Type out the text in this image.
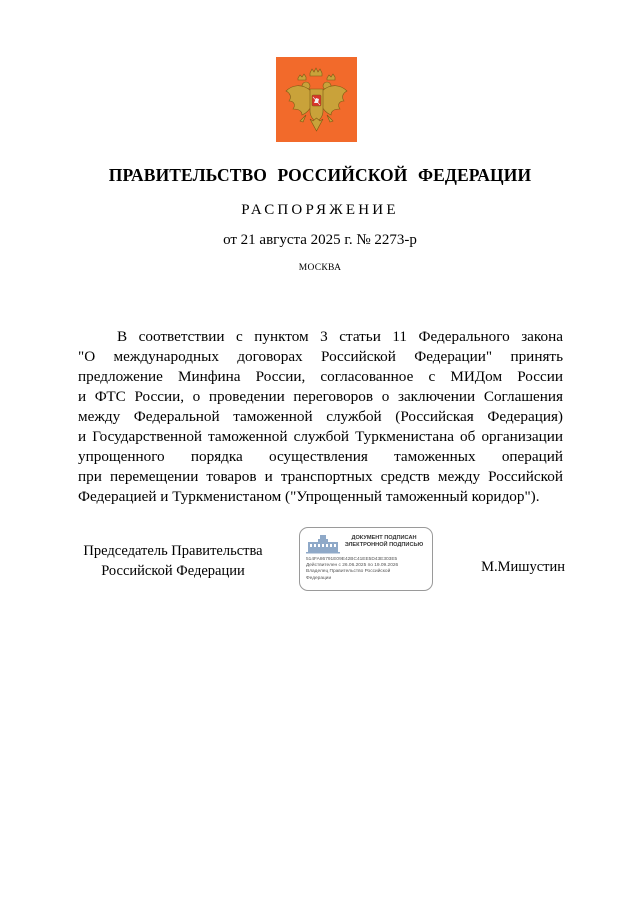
ПРАВИТЕЛЬСТВО РОССИЙСКОЙ ФЕДЕРАЦИИ
РАСПОРЯЖЕНИЕ
от 21 августа 2025 г. № 2273-р
МОСКВА
В соответствии с пунктом 3 статьи 11 Федерального закона
"О международных договорах Российской Федерации" принять
предложение Минфина России, согласованное с МИДом России
и ФТС России, о проведении переговоров о заключении Соглашения
между Федеральной таможенной службой (Российская Федерация)
и Государственной таможенной службой Туркменистана об организации
упрощенного порядка осуществления таможенных операций
при перемещении товаров и транспортных средств между Российской
Федерацией и Туркменистаном ("Упрощенный таможенный коридор").
Председатель Правительства
Российской Федерации
ДОКУМЕНТ ПОДПИСАН
ЭЛЕКТРОННОЙ ПОДПИСЬЮ
514FA86791E09E42BC41EE5D43E303E5
Действителен с 26.06.2025 по 19.09.2026
Владелец Правительство Российской
Федерации
М.Мишустин
